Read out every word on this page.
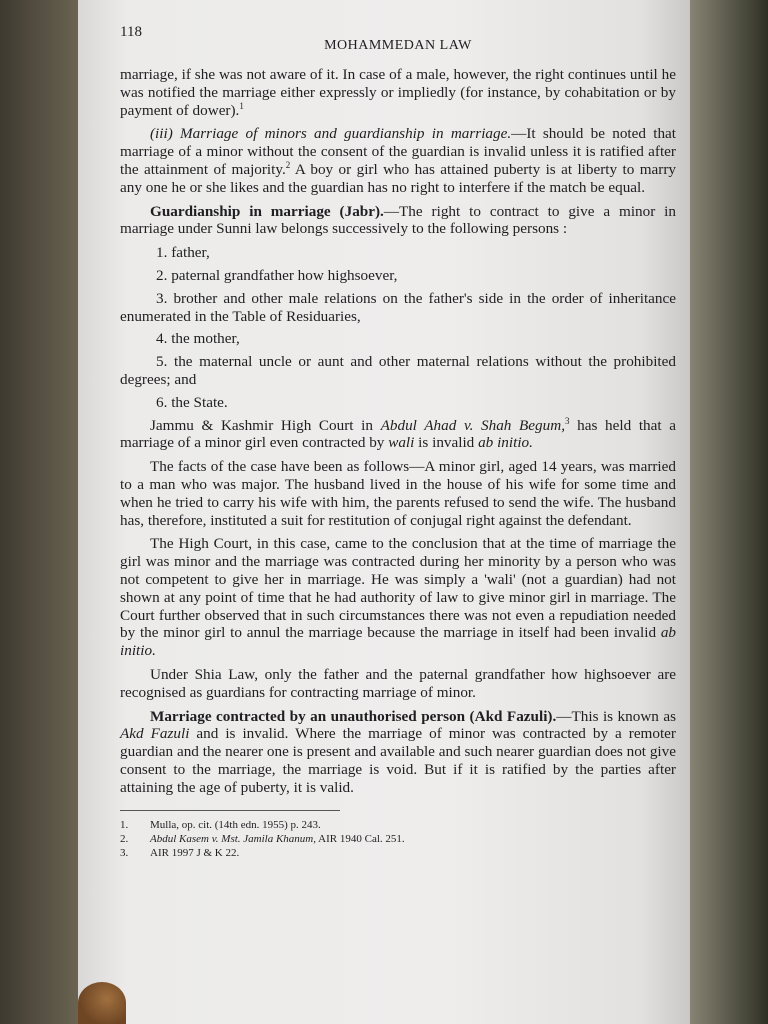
118
MOHAMMEDAN LAW

marriage, if she was not aware of it. In case of a male, however, the right continues until he was notified the marriage either expressly or impliedly (for instance, by cohabitation or by payment of dower).$^1$

(iii) Marriage of minors and guardianship in marriage.—It should be noted that marriage of a minor without the consent of the guardian is invalid unless it is ratified after the attainment of majority.$^2$ A boy or girl who has attained puberty is at liberty to marry any one he or she likes and the guardian has no right to interfere if the match be equal.

Guardianship in marriage (Jabr).—The right to contract to give a minor in marriage under Sunni law belongs successively to the following persons :

1. father,

2. paternal grandfather how highsoever,

3. brother and other male relations on the father's side in the order of inheritance enumerated in the Table of Residuaries,

4. the mother,

5. the maternal uncle or aunt and other maternal relations without the prohibited degrees; and

6. the State.

Jammu & Kashmir High Court in Abdul Ahad v. Shah Begum,$^3$ has held that a marriage of a minor girl even contracted by wali is invalid ab initio.

The facts of the case have been as follows—A minor girl, aged 14 years, was married to a man who was major. The husband lived in the house of his wife for some time and when he tried to carry his wife with him, the parents refused to send the wife. The husband has, therefore, instituted a suit for restitution of conjugal right against the defendant.

The High Court, in this case, came to the conclusion that at the time of marriage the girl was minor and the marriage was contracted during her minority by a person who was not competent to give her in marriage. He was simply a 'wali' (not a guardian) had not shown at any point of time that he had authority of law to give minor girl in marriage. The Court further observed that in such circumstances there was not even a repudiation needed by the minor girl to annul the marriage because the marriage in itself had been invalid ab initio.

Under Shia Law, only the father and the paternal grandfather how highsoever are recognised as guardians for contracting marriage of minor.

Marriage contracted by an unauthorised person (Akd Fazuli).—This is known as Akd Fazuli and is invalid. Where the marriage of minor was contracted by a remoter guardian and the nearer one is present and available and such nearer guardian does not give consent to the marriage, the marriage is void. But if it is ratified by the parties after attaining the age of puberty, it is valid.

1. Mulla, op. cit. (14th edn. 1955) p. 243.

2. Abdul Kasem v. Mst. Jamila Khanum, AIR 1940 Cal. 251.

3. AIR 1997 J & K 22.
